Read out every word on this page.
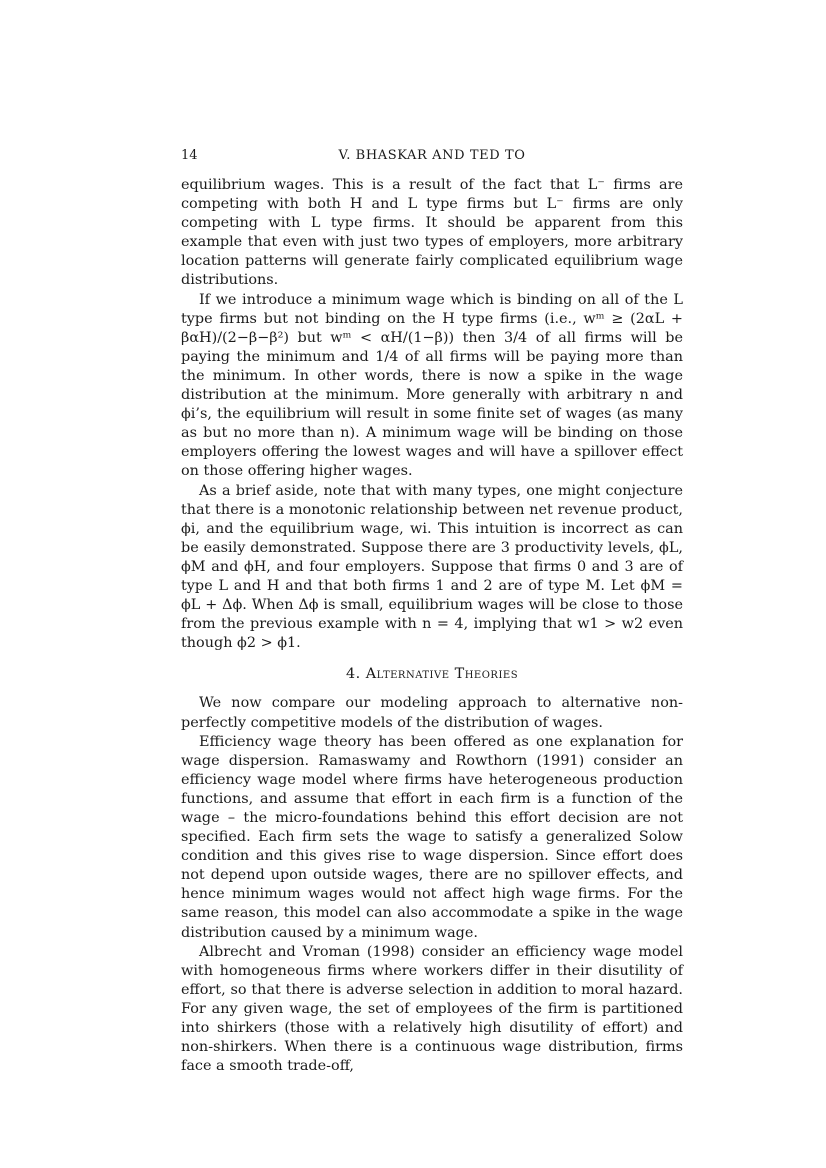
14	V. BHASKAR AND TED TO

equilibrium wages. This is a result of the fact that L⁻ firms are competing with both H and L type firms but L⁻ firms are only competing with L type firms. It should be apparent from this example that even with just two types of employers, more arbitrary location patterns will generate fairly complicated equilibrium wage distributions.

If we introduce a minimum wage which is binding on all of the L type firms but not binding on the H type firms (i.e., wᵐ ≥ (2αL + βαH)/(2−β−β²) but wᵐ < αH/(1−β)) then 3/4 of all firms will be paying the minimum and 1/4 of all firms will be paying more than the minimum. In other words, there is now a spike in the wage distribution at the minimum. More generally with arbitrary n and ϕi’s, the equilibrium will result in some finite set of wages (as many as but no more than n). A minimum wage will be binding on those employers offering the lowest wages and will have a spillover effect on those offering higher wages.

As a brief aside, note that with many types, one might conjecture that there is a monotonic relationship between net revenue product, ϕi, and the equilibrium wage, wi. This intuition is incorrect as can be easily demonstrated. Suppose there are 3 productivity levels, ϕL, ϕM and ϕH, and four employers. Suppose that firms 0 and 3 are of type L and H and that both firms 1 and 2 are of type M. Let ϕM = ϕL + Δϕ. When Δϕ is small, equilibrium wages will be close to those from the previous example with n = 4, implying that w1 > w2 even though ϕ2 > ϕ1.

4. Alternative Theories

We now compare our modeling approach to alternative non-perfectly competitive models of the distribution of wages.

Efficiency wage theory has been offered as one explanation for wage dispersion. Ramaswamy and Rowthorn (1991) consider an efficiency wage model where firms have heterogeneous production functions, and assume that effort in each firm is a function of the wage – the micro-foundations behind this effort decision are not specified. Each firm sets the wage to satisfy a generalized Solow condition and this gives rise to wage dispersion. Since effort does not depend upon outside wages, there are no spillover effects, and hence minimum wages would not affect high wage firms. For the same reason, this model can also accommodate a spike in the wage distribution caused by a minimum wage.

Albrecht and Vroman (1998) consider an efficiency wage model with homogeneous firms where workers differ in their disutility of effort, so that there is adverse selection in addition to moral hazard. For any given wage, the set of employees of the firm is partitioned into shirkers (those with a relatively high disutility of effort) and non-shirkers. When there is a continuous wage distribution, firms face a smooth trade-off,
